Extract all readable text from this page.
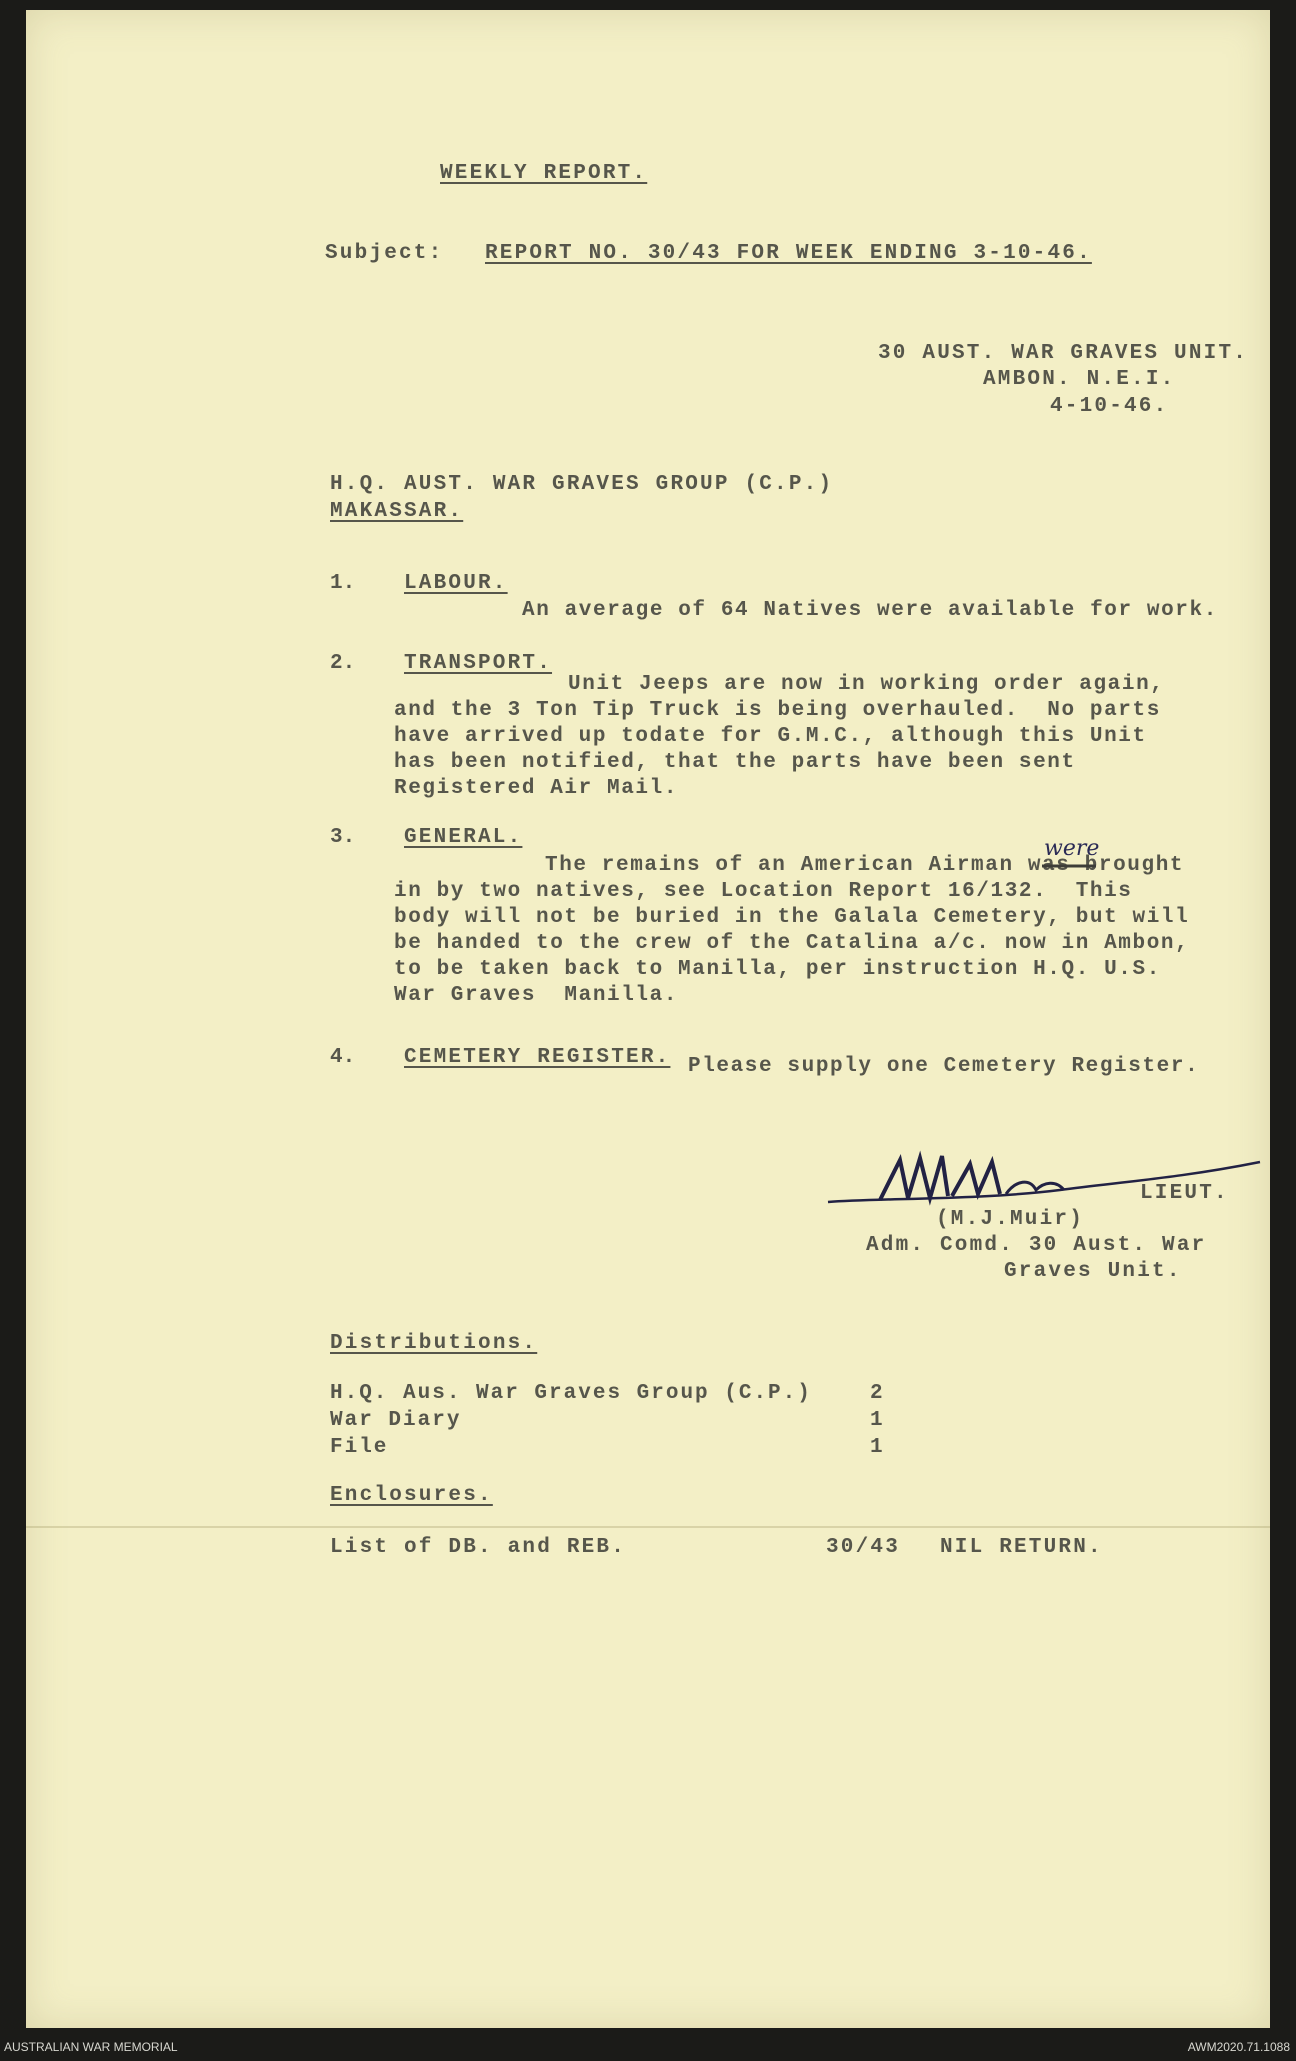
WEEKLY REPORT.
Subject: REPORT NO. 30/43 FOR WEEK ENDING 3-10-46.
30 AUST. WAR GRAVES UNIT.
AMBON. N.E.I.
4-10-46.
H.Q. AUST. WAR GRAVES GROUP (C.P.)
MAKASSAR.
1. LABOUR.
An average of 64 Natives were available for work.
2. TRANSPORT.
Unit Jeeps are now in working order again,
and the 3 Ton Tip Truck is being overhauled.  No parts
have arrived up todate for G.M.C., although this Unit
has been notified, that the parts have been sent
Registered Air Mail.
3. GENERAL.	were
The remains of an American Airman was brought
in by two natives, see Location Report 16/132.  This
body will not be buried in the Galala Cemetery, but will
be handed to the crew of the Catalina a/c. now in Ambon,
to be taken back to Manilla, per instruction H.Q. U.S.
War Graves  Manilla.
4. CEMETERY REGISTER. Please supply one Cemetery Register.
LIEUT.
(M.J.Muir)
Adm. Comd. 30 Aust. War
Graves Unit.
Distributions.
H.Q. Aus. War Graves Group (C.P.)	2
War Diary	1
File	1
Enclosures.
List of DB. and REB.	30/43 NIL RETURN.
AUSTRALIAN WAR MEMORIAL	AWM2020.71.1088
